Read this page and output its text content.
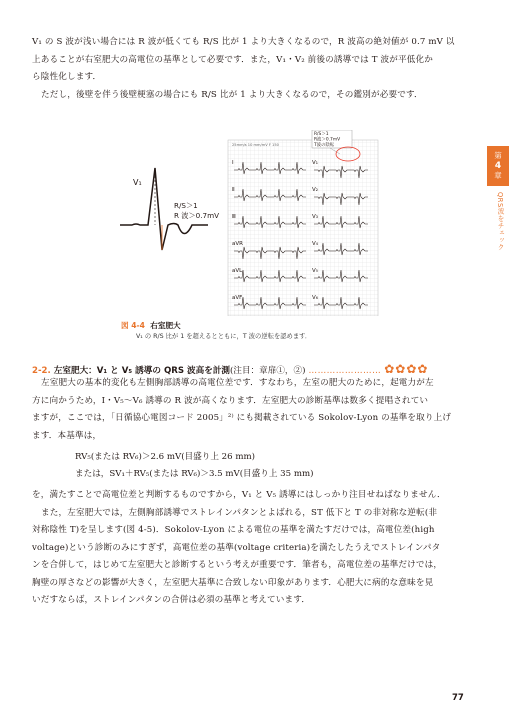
V₁ の S 波が浅い場合には R 波が低くても R/S 比が 1 より大きくなるので，R 波高の絶対値が 0.7 mV 以
上あることが右室肥大の高電位の基準として必要です．また，V₁・V₂ 前後の誘導では T 波が平低化か
ら陰性化します．
ただし，後壁を伴う後壁梗塞の場合にも R/S 比が 1 より大きくなるので，その鑑別が必要です．
第
4
章
QRS波をチェック
V₁
R/S＞1
R 波＞0.7mV
25mm/s 10 mm/mV F 150
Ⅰ
Ⅱ
Ⅲ
aVR
aVL
aVF
V₁
V₂
V₃
V₄
V₅
V₆
R/S＞1
R波＞0.7mV
T波の陰転
図 4-4 右室肥大
V₁ の R/S 比が 1 を超えるとともに，T 波の逆転を認めます．
2-2. 左室肥大：V₁ と V₅ 誘導の QRS 波高を計測(注目：章扉①，②) …………………… ✿✿✿✿
左室肥大の基本的変化も左側胸部誘導の高電位差です．すなわち，左室の肥大のために，起電力が左
方に向かうため，Ⅰ・V₅〜V₆ 誘導の R 波が高くなります．左室肥大の診断基準は数多く提唱されてい
ますが，ここでは，「日循協心電図コード 2005」²⁾ にも掲載されている Sokolov-Lyon の基準を取り上げ
ます．本基準は，
RV₅(または RV₆)＞2.6 mV(目盛り上 26 mm)
または，SV₁＋RV₅(または RV₆)＞3.5 mV(目盛り上 35 mm)
を，満たすことで高電位差と判断するものですから，V₁ と V₅ 誘導にはしっかり注目せねばなりません．
また，左室肥大では，左側胸部誘導でストレインパタンとよばれる，ST 低下と T の非対称な逆転(非
対称陰性 T)を呈します(図 4-5)．Sokolov-Lyon による電位の基準を満たすだけでは，高電位差(high
voltage)という診断のみにすぎず，高電位差の基準(voltage criteria)を満たしたうえでストレインパタ
ンを合併して，はじめて左室肥大と診断するという考えが重要です．筆者も，高電位差の基準だけでは，
胸壁の厚さなどの影響が大きく，左室肥大基準に合致しない印象があります．心肥大に病的な意味を見
いだすならば，ストレインパタンの合併は必須の基準と考えています．
77
